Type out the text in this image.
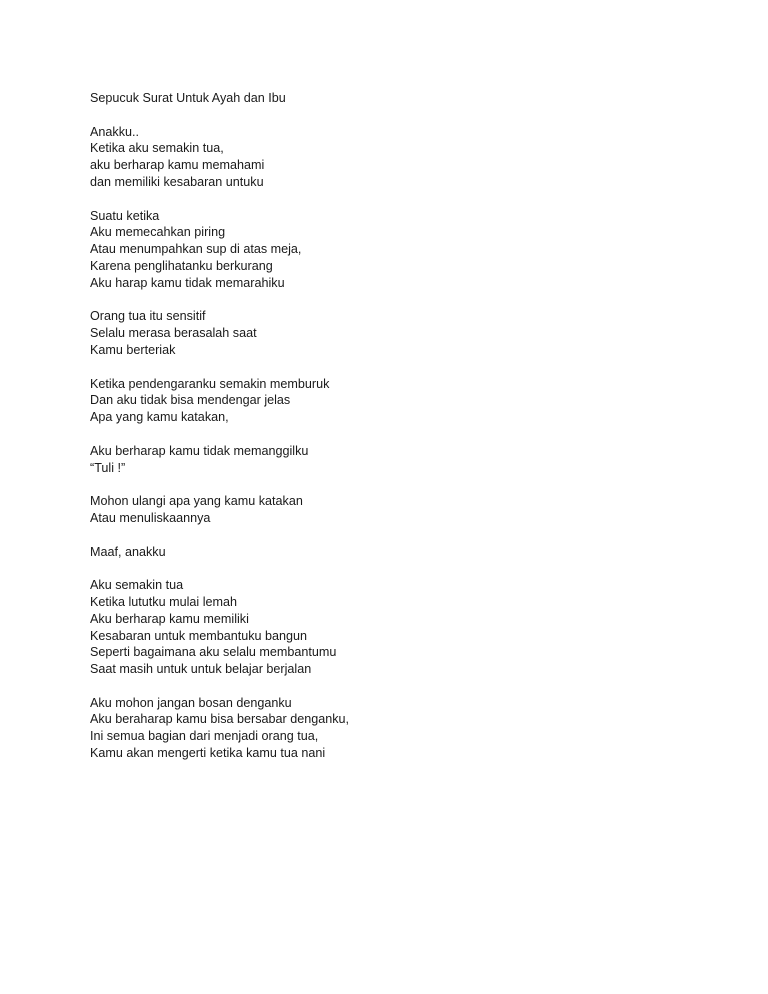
Sepucuk Surat Untuk Ayah dan Ibu
Anakku..
Ketika aku semakin tua,
aku berharap kamu memahami
dan memiliki kesabaran untuku
Suatu ketika
Aku memecahkan piring
Atau menumpahkan sup di atas meja,
Karena penglihatanku berkurang
Aku harap kamu tidak memarahiku
Orang tua itu sensitif
Selalu merasa berasalah saat
Kamu berteriak
Ketika pendengaranku semakin memburuk
Dan aku tidak bisa mendengar jelas
Apa yang kamu katakan,
Aku berharap kamu tidak memanggilku
“Tuli !”
Mohon ulangi apa yang kamu katakan
Atau menuliskaannya
Maaf, anakku
Aku semakin tua
Ketika lututku mulai lemah
Aku berharap kamu memiliki
Kesabaran untuk membantuku bangun
Seperti bagaimana aku selalu membantumu
Saat masih untuk untuk belajar berjalan
Aku mohon jangan bosan denganku
Aku beraharap kamu bisa bersabar denganku,
Ini semua bagian dari menjadi orang tua,
Kamu akan mengerti ketika kamu tua nani
